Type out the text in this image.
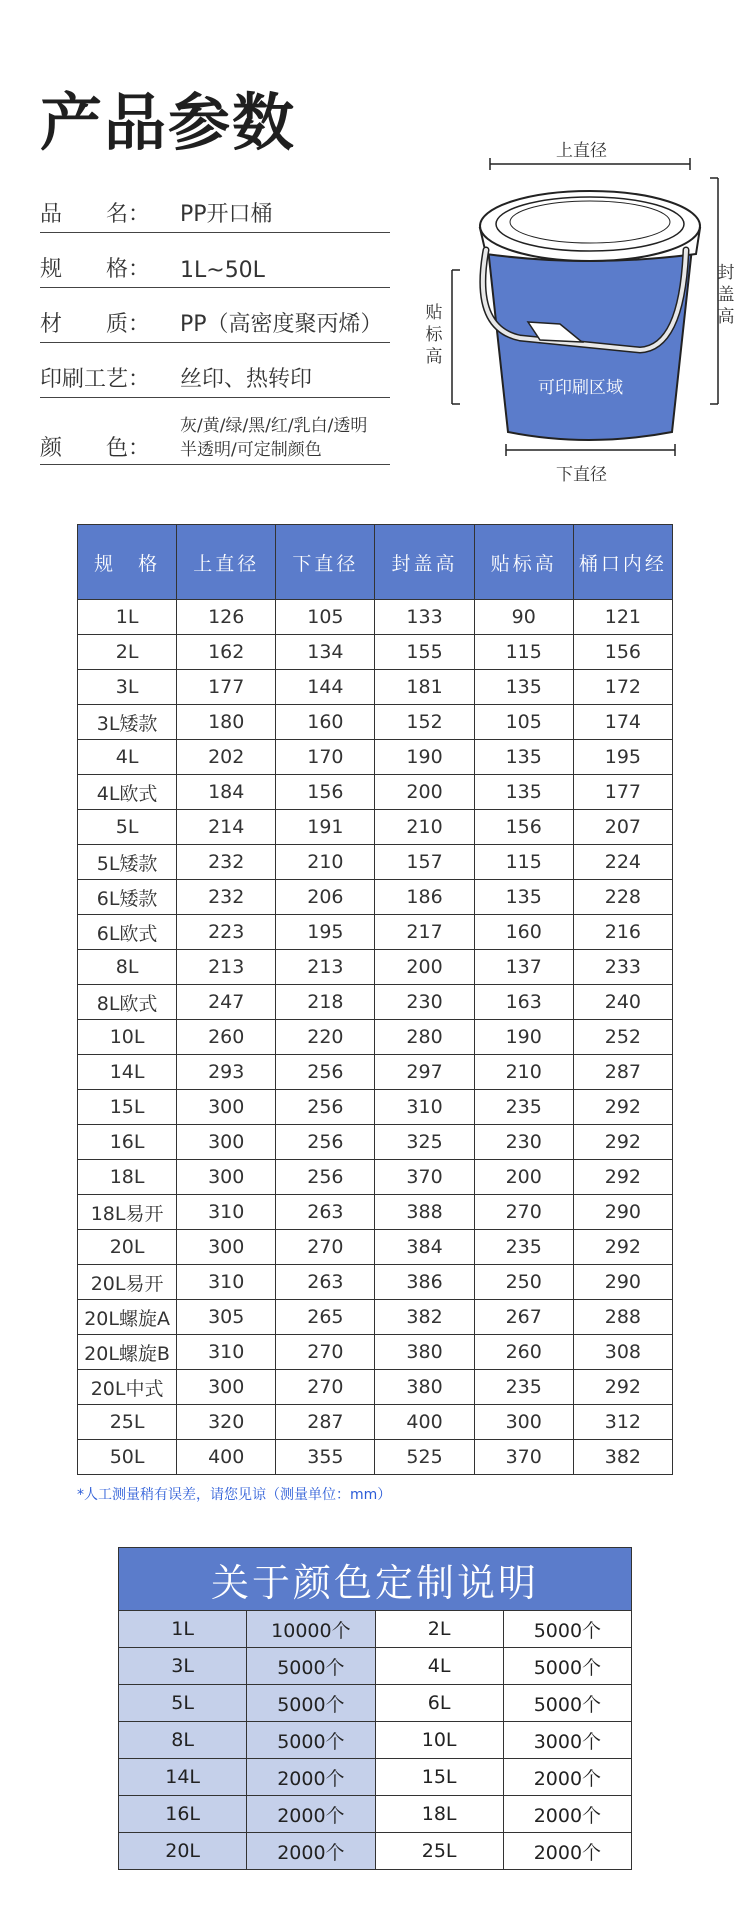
产品参数
品　　名： PP开口桶
规　　格： 1L~50L
材　　质： PP（高密度聚丙烯）
印刷工艺： 丝印、热转印
颜　　色：
灰/黄/绿/黑/红/乳白/透明
半透明/可定制颜色
上直径
下直径
贴
标
高
封
盖
高
可印刷区域
规　格	上直径	下直径	封盖高	贴标高	桶口内经
1L	126	105	133	90	121
2L	162	134	155	115	156
3L	177	144	181	135	172
3L矮款	180	160	152	105	174
4L	202	170	190	135	195
4L欧式	184	156	200	135	177
5L	214	191	210	156	207
5L矮款	232	210	157	115	224
6L矮款	232	206	186	135	228
6L欧式	223	195	217	160	216
8L	213	213	200	137	233
8L欧式	247	218	230	163	240
10L	260	220	280	190	252
14L	293	256	297	210	287
15L	300	256	310	235	292
16L	300	256	325	230	292
18L	300	256	370	200	292
18L易开	310	263	388	270	290
20L	300	270	384	235	292
20L易开	310	263	386	250	290
20L螺旋A	305	265	382	267	288
20L螺旋B	310	270	380	260	308
20L中式	300	270	380	235	292
25L	320	287	400	300	312
50L	400	355	525	370	382
*人工测量稍有误差，请您见谅（测量单位：mm）
关于颜色定制说明			
1L	10000个	2L	5000个
3L	5000个	4L	5000个
5L	5000个	6L	5000个
8L	5000个	10L	3000个
14L	2000个	15L	2000个
16L	2000个	18L	2000个
20L	2000个	25L	2000个
